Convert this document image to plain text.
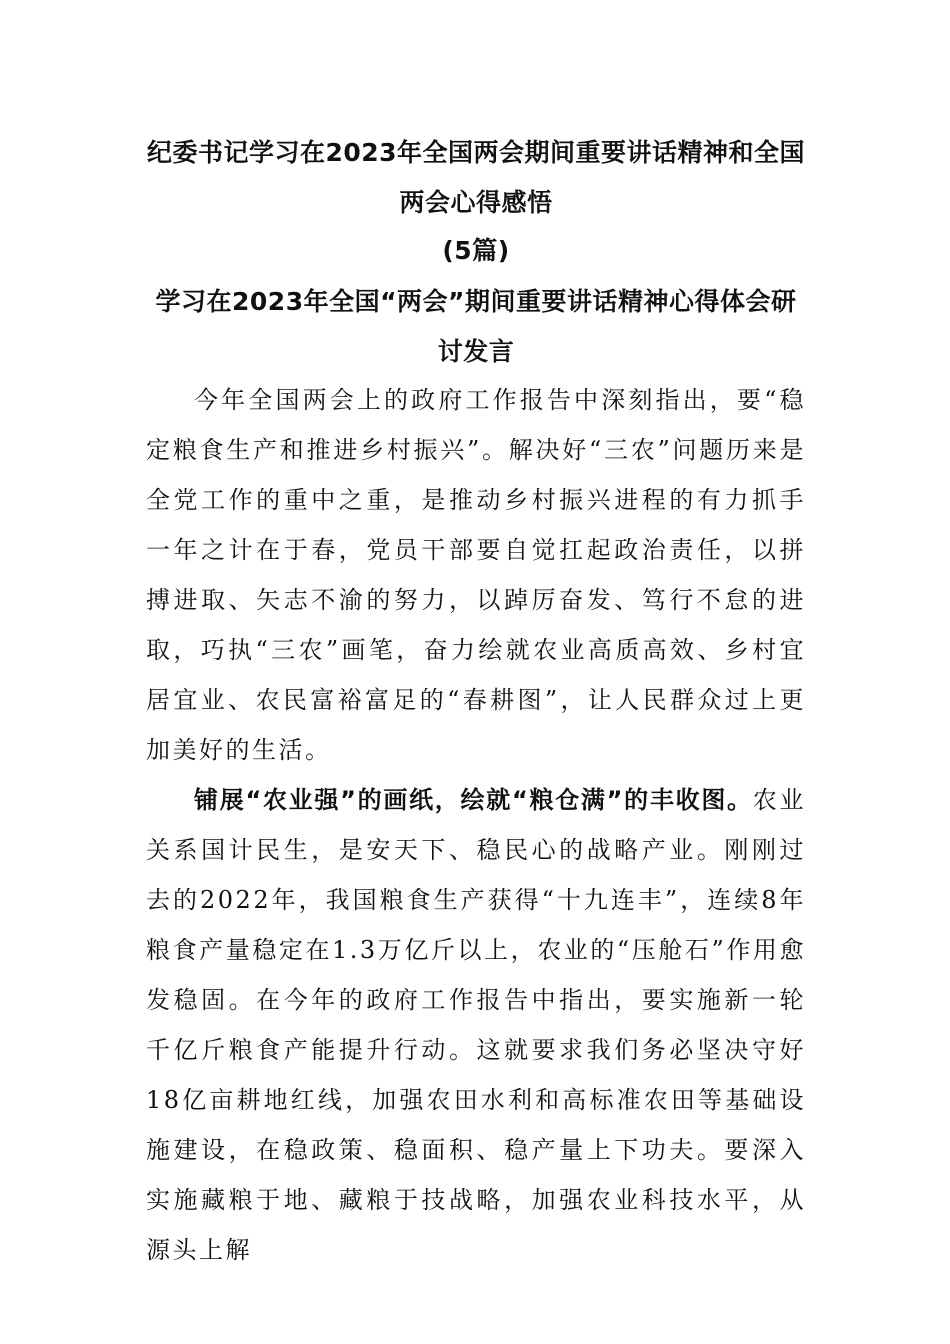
纪委书记学习在2023年全国两会期间重要讲话精神和全国两会心得感悟
(5篇)
学习在2023年全国“两会”期间重要讲话精神心得体会研讨发言
今年全国两会上的政府工作报告中深刻指出，要“稳定粮食生产和推进乡村振兴”。解决好“三农”问题历来是全党工作的重中之重，是推动乡村振兴进程的有力抓手一年之计在于春，党员干部要自觉扛起政治责任，以拼搏进取、矢志不渝的努力，以踔厉奋发、笃行不怠的进取，巧执“三农”画笔，奋力绘就农业高质高效、乡村宜居宜业、农民富裕富足的“春耕图”，让人民群众过上更加美好的生活。
铺展“农业强”的画纸，绘就“粮仓满”的丰收图。农业关系国计民生，是安天下、稳民心的战略产业。刚刚过去的2022年，我国粮食生产获得“十九连丰”，连续8年粮食产量稳定在1.3万亿斤以上，农业的“压舱石”作用愈发稳固。在今年的政府工作报告中指出，要实施新一轮千亿斤粮食产能提升行动。这就要求我们务必坚决守好18亿亩耕地红线，加强农田水利和高标准农田等基础设施建设，在稳政策、稳面积、稳产量上下功夫。要深入实施藏粮于地、藏粮于技战略，加强农业科技水平，从源头上解
